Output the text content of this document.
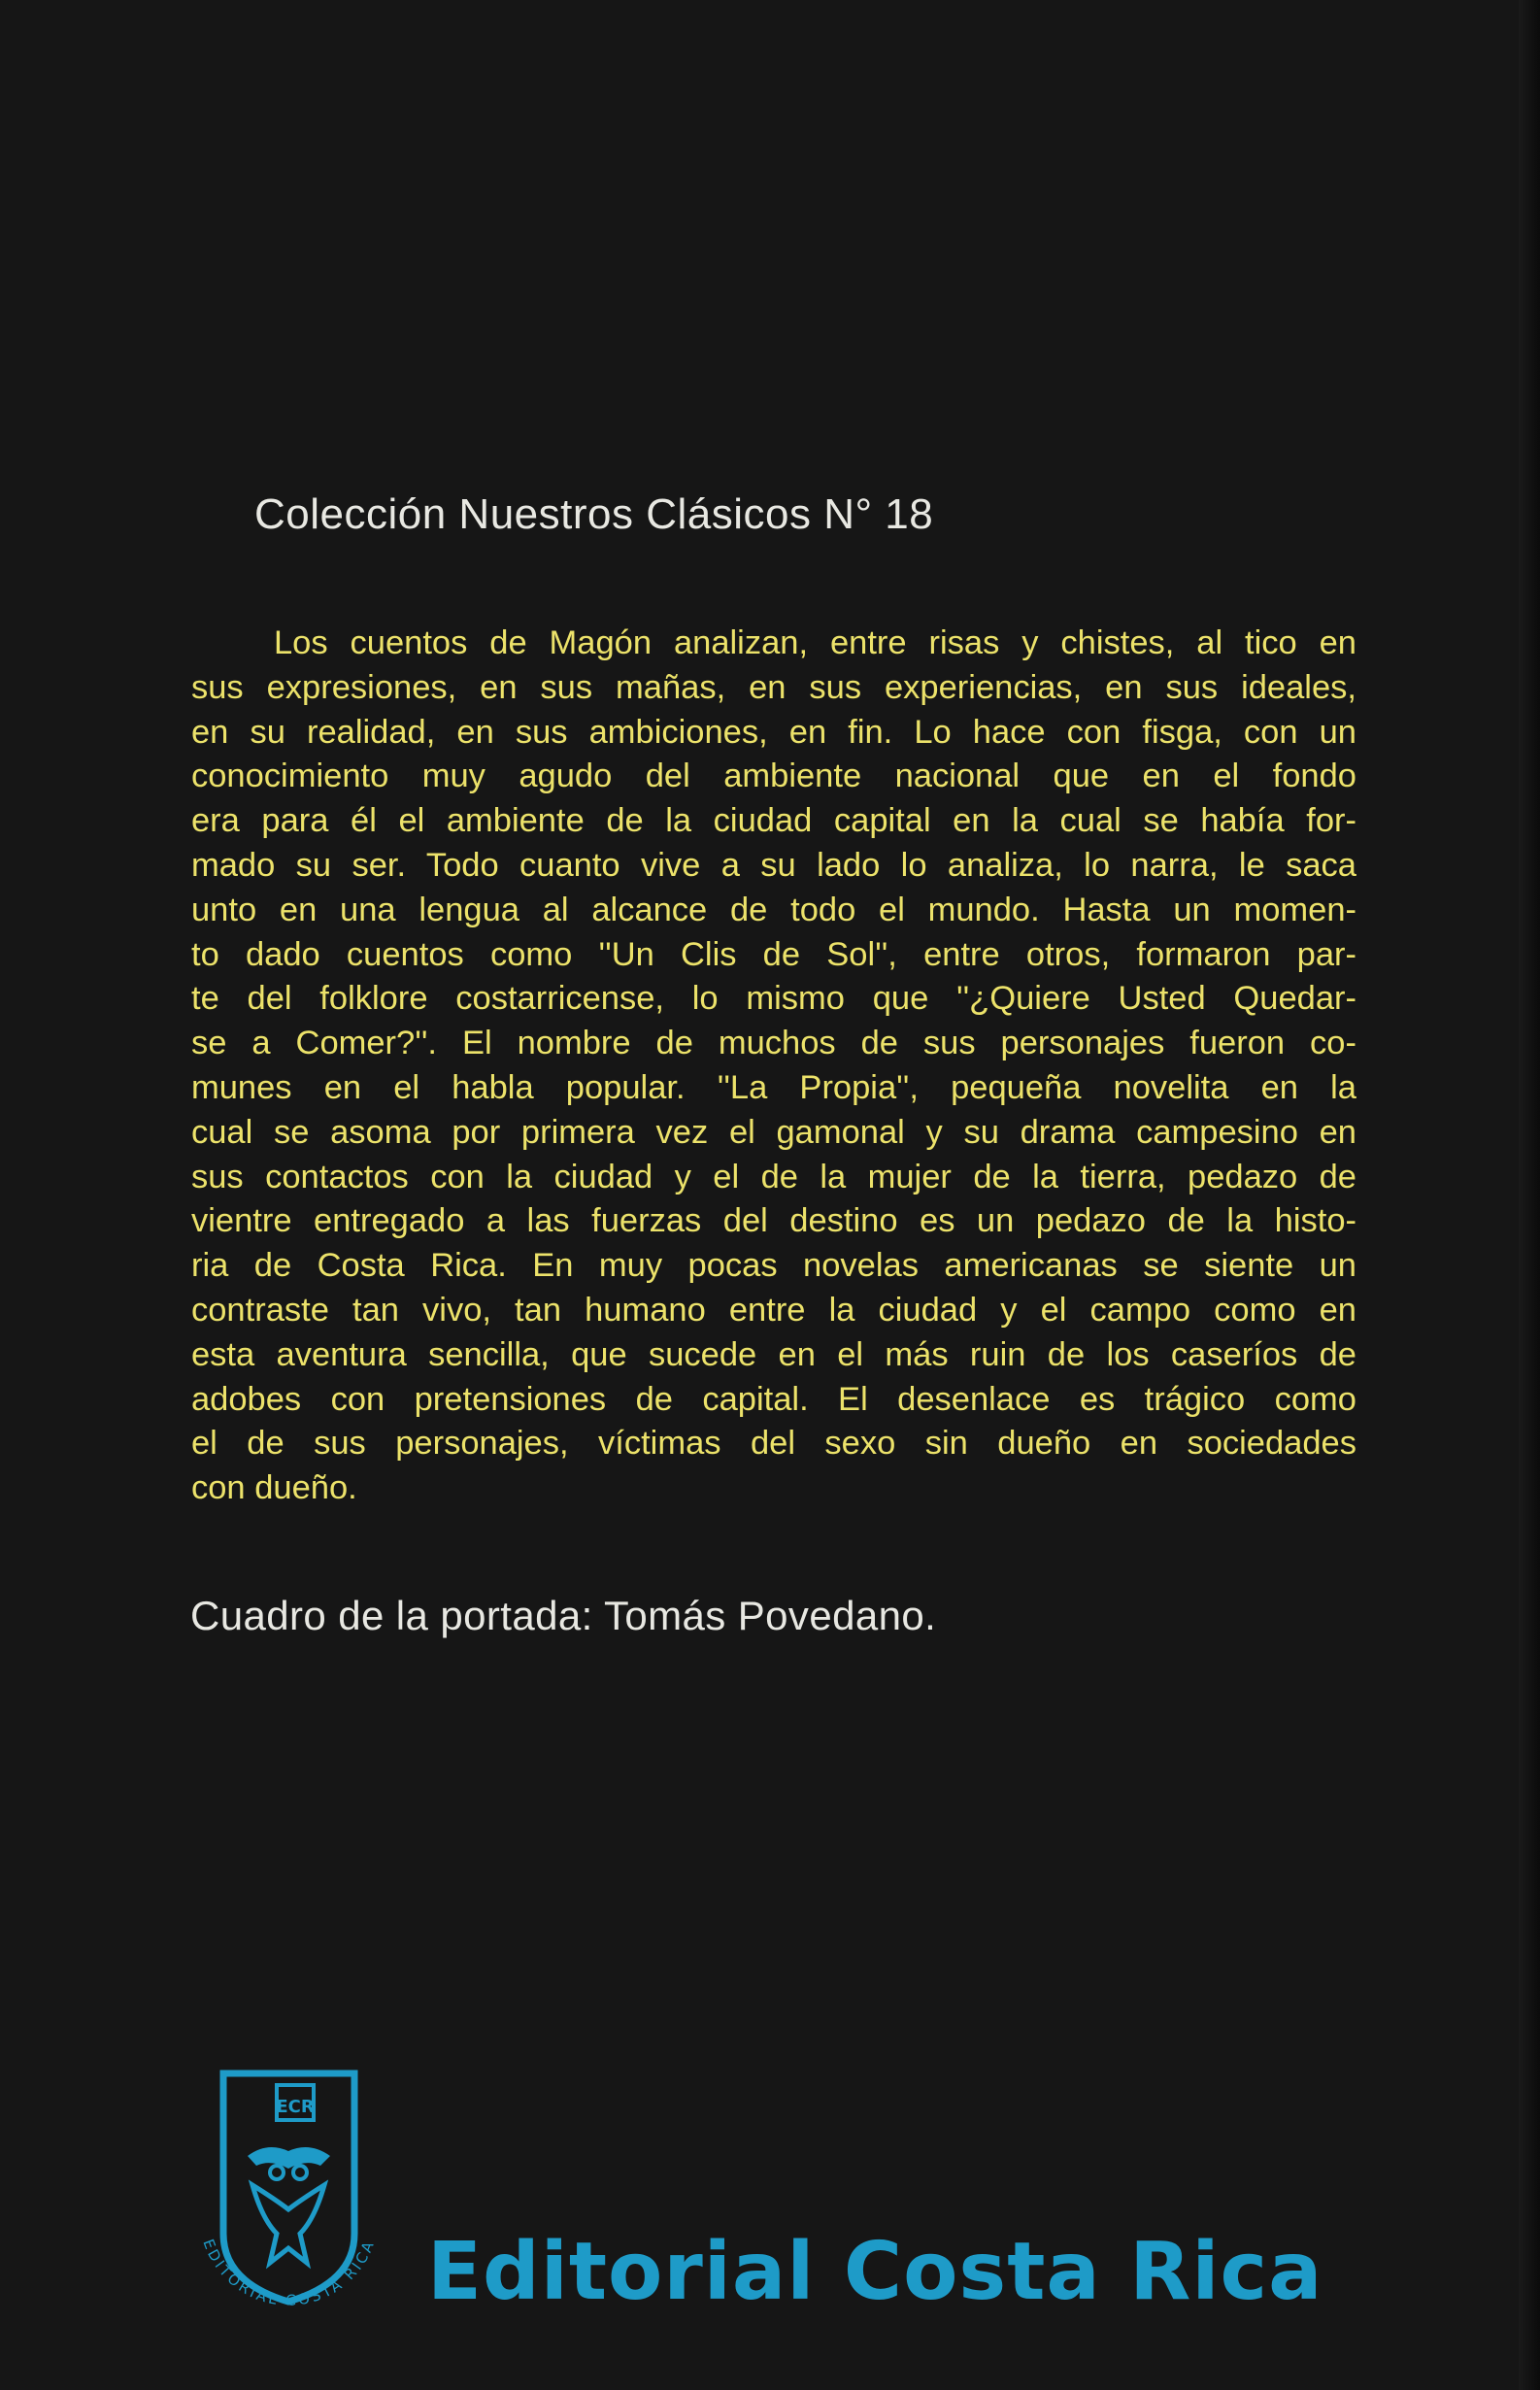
Colección Nuestros Clásicos N° 18
Los cuentos de Magón analizan, entre risas y chistes, al tico en
sus expresiones, en sus mañas, en sus experiencias, en sus ideales,
en su realidad, en sus ambiciones, en fin. Lo hace con fisga, con un
conocimiento muy agudo del ambiente nacional que en el fondo
era para él el ambiente de la ciudad capital en la cual se había for-
mado su ser. Todo cuanto vive a su lado lo analiza, lo narra, le saca
unto en una lengua al alcance de todo el mundo. Hasta un momen-
to dado cuentos como ''Un Clis de Sol'', entre otros, formaron par-
te del folklore costarricense, lo mismo que ''¿Quiere Usted Quedar-
se a Comer?''. El nombre de muchos de sus personajes fueron co-
munes en el habla popular. ''La Propia'', pequeña novelita en la
cual se asoma por primera vez el gamonal y su drama campesino en
sus contactos con la ciudad y el de la mujer de la tierra, pedazo de
vientre entregado a las fuerzas del destino es un pedazo de la histo-
ria de Costa Rica. En muy pocas novelas americanas se siente un
contraste tan vivo, tan humano entre la ciudad y el campo como en
esta aventura sencilla, que sucede en el más ruin de los caseríos de
adobes con pretensiones de capital. El desenlace es trágico como
el de sus personajes, víctimas del sexo sin dueño en sociedades
con dueño.
Cuadro de la portada: Tomás Povedano.
ECR
EDITORIAL COSTA RICA Editorial Costa Rica
